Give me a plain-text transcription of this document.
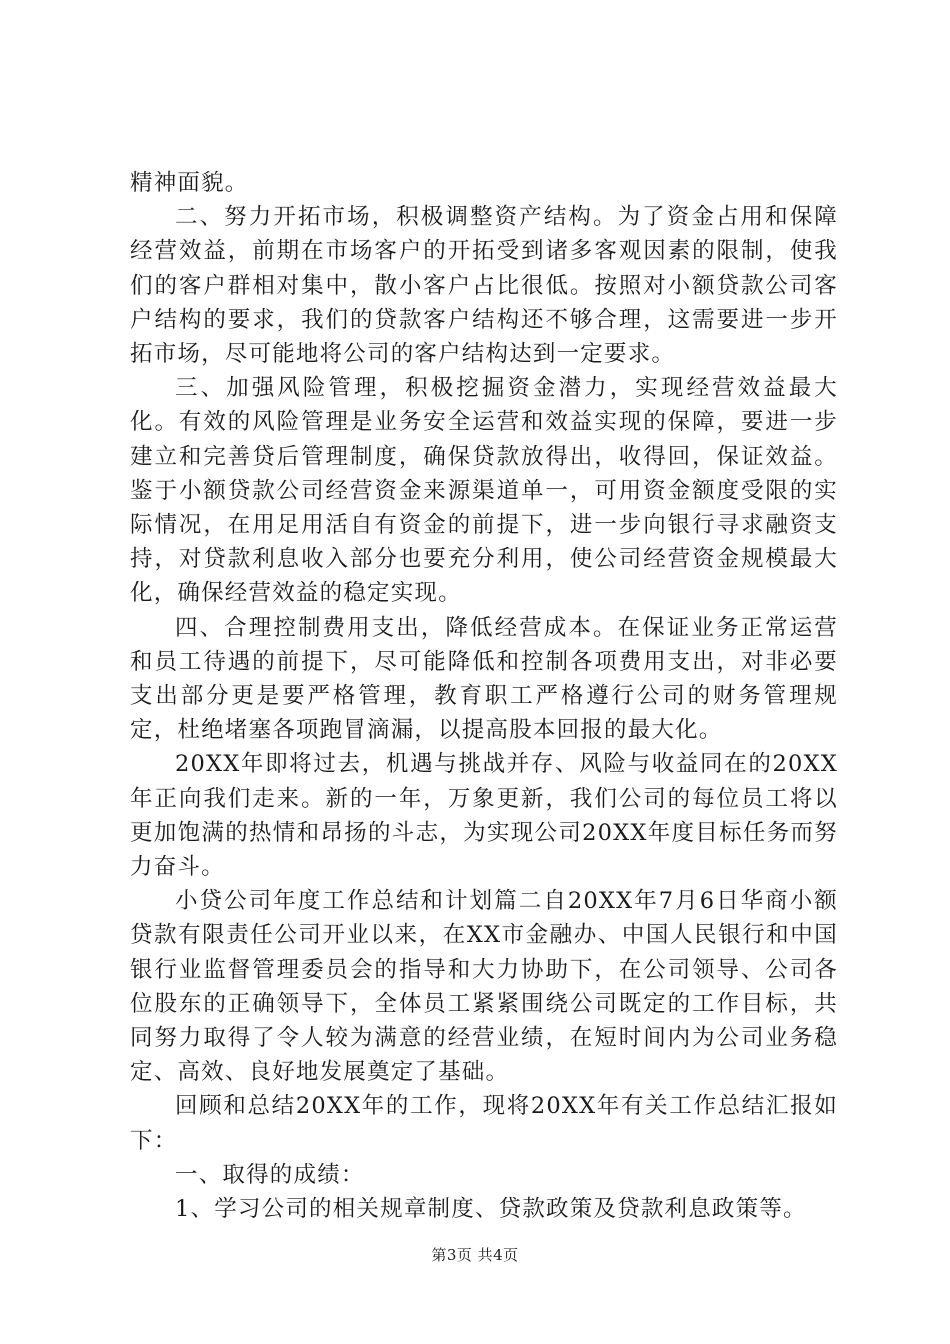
精神面貌。

二、努力开拓市场，积极调整资产结构。为了资金占用和保障经营效益，前期在市场客户的开拓受到诸多客观因素的限制，使我们的客户群相对集中，散小客户占比很低。按照对小额贷款公司客户结构的要求，我们的贷款客户结构还不够合理，这需要进一步开拓市场，尽可能地将公司的客户结构达到一定要求。

三、加强风险管理，积极挖掘资金潜力，实现经营效益最大化。有效的风险管理是业务安全运营和效益实现的保障，要进一步建立和完善贷后管理制度，确保贷款放得出，收得回，保证效益。鉴于小额贷款公司经营资金来源渠道单一，可用资金额度受限的实际情况，在用足用活自有资金的前提下，进一步向银行寻求融资支持，对贷款利息收入部分也要充分利用，使公司经营资金规模最大化，确保经营效益的稳定实现。

四、合理控制费用支出，降低经营成本。在保证业务正常运营和员工待遇的前提下，尽可能降低和控制各项费用支出，对非必要支出部分更是要严格管理，教育职工严格遵行公司的财务管理规定，杜绝堵塞各项跑冒滴漏，以提高股本回报的最大化。

20XX年即将过去，机遇与挑战并存、风险与收益同在的20XX年正向我们走来。新的一年，万象更新，我们公司的每位员工将以更加饱满的热情和昂扬的斗志，为实现公司20XX年度目标任务而努力奋斗。

小贷公司年度工作总结和计划篇二自20XX年7月6日华商小额贷款有限责任公司开业以来，在XX市金融办、中国人民银行和中国银行业监督管理委员会的指导和大力协助下，在公司领导、公司各位股东的正确领导下，全体员工紧紧围绕公司既定的工作目标，共同努力取得了令人较为满意的经营业绩，在短时间内为公司业务稳定、高效、良好地发展奠定了基础。

回顾和总结20XX年的工作，现将20XX年有关工作总结汇报如下：

一、取得的成绩：

1、学习公司的相关规章制度、贷款政策及贷款利息政策等。

第3页 共4页
